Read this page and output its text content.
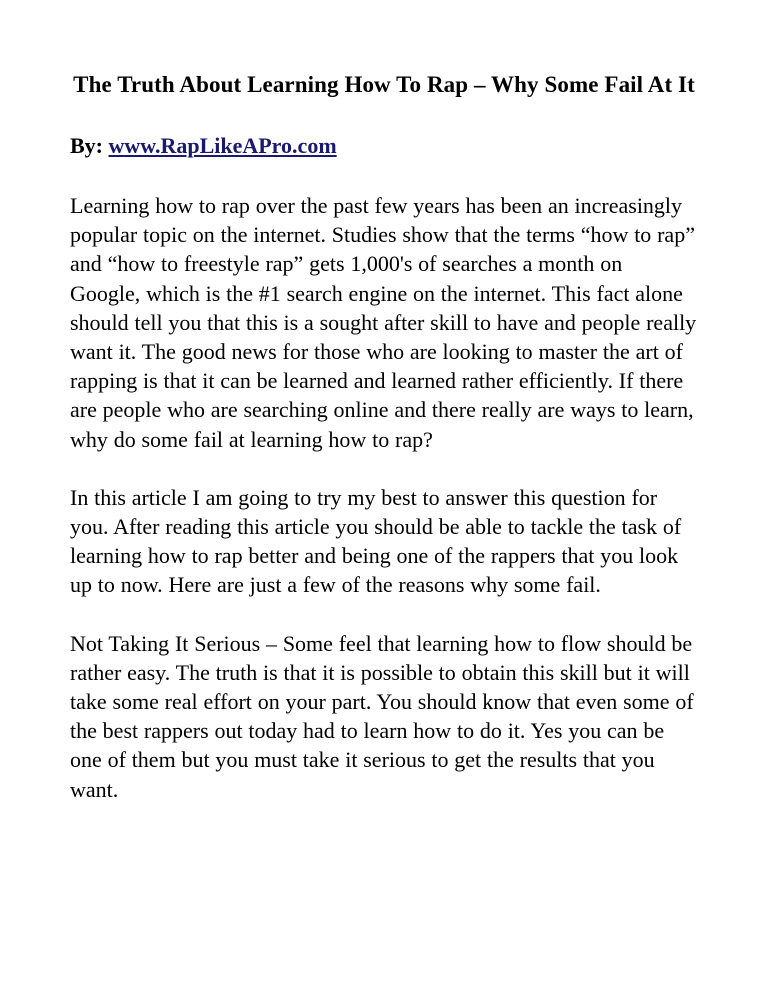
The Truth About Learning How To Rap – Why Some Fail At It

By: www.RapLikeAPro.com

Learning how to rap over the past few years has been an increasingly popular topic on the internet. Studies show that the terms “how to rap” and “how to freestyle rap” gets 1,000's of searches a month on Google, which is the #1 search engine on the internet. This fact alone should tell you that this is a sought after skill to have and people really want it. The good news for those who are looking to master the art of rapping is that it can be learned and learned rather efficiently. If there are people who are searching online and there really are ways to learn, why do some fail at learning how to rap?

In this article I am going to try my best to answer this question for you. After reading this article you should be able to tackle the task of learning how to rap better and being one of the rappers that you look up to now. Here are just a few of the reasons why some fail.

Not Taking It Serious – Some feel that learning how to flow should be rather easy. The truth is that it is possible to obtain this skill but it will take some real effort on your part. You should know that even some of the best rappers out today had to learn how to do it. Yes you can be one of them but you must take it serious to get the results that you want.
